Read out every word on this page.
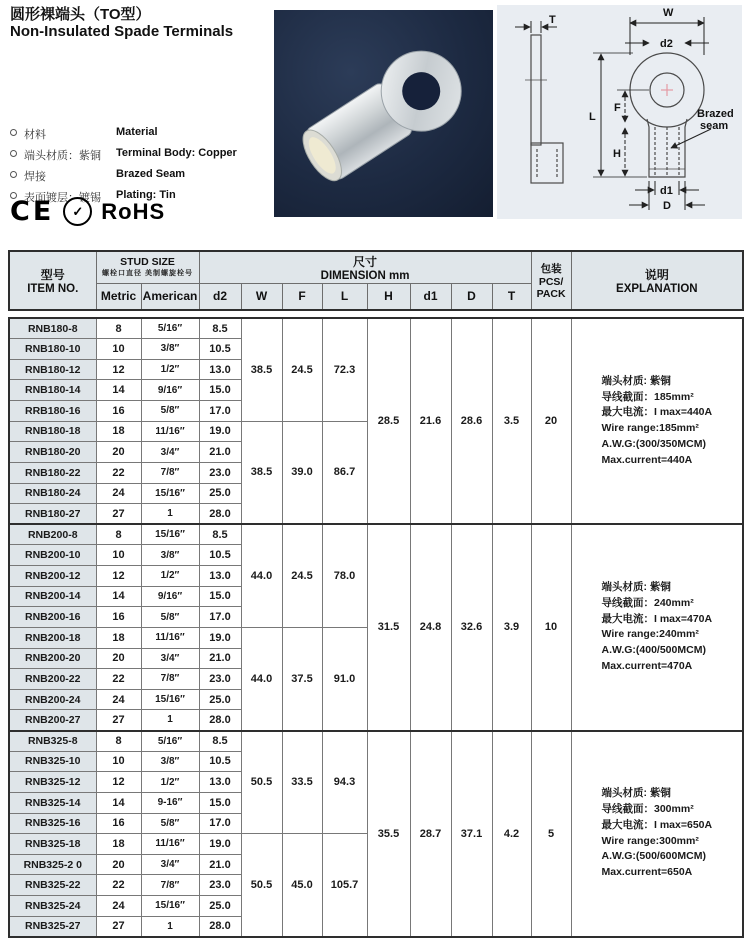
圆形裸端头（TO型）
Non-Insulated Spade Terminals
材料	Material
端头材质：紫铜	Terminal Body: Copper
焊接	Brazed Seam
表面镀层：镀锡	Plating: Tin
CE	✓ RoHS
T
W
d2
L
F
H
d1
D
Brazed
seam
型号
ITEM NO.

STUD SIZE
螺栓口直径 美制螺旋栓号

尺寸
DIMENSION mm

包装
PCS/
PACK

说明
EXPLANATION

	Metric	American	d2	W	F	L	H	d1	D	T		
RNB180-8	8	5/16″	8.5	38.5	24.5	72.3	28.5	21.6	28.6	3.5	20	
端头材质: 紫铜
导线截面：185mm²
最大电流：I max=440A
Wire range:185mm²
A.W.G:(300/350MCM)
Max.current=440A

RNB180-10	10	3/8″	10.5									
RNB180-12	12	1/2″	13.0									
RNB180-14	14	9/16″	15.0									
RRB180-16	16	5/8″	17.0									
RNB180-18	18	11/16″	19.0	38.5	39.0	86.7						
RNB180-20	20	3/4″	21.0									
RNB180-22	22	7/8″	23.0									
RNB180-24	24	15/16″	25.0									
RNB180-27	27	1	28.0									
RNB200-8	8	15/16″	8.5	44.0	24.5	78.0	31.5	24.8	32.6	3.9	10	
端头材质: 紫铜
导线截面：240mm²
最大电流：I max=470A
Wire range:240mm²
A.W.G:(400/500MCM)
Max.current=470A

RNB200-10	10	3/8″	10.5									
RNB200-12	12	1/2″	13.0									
RNB200-14	14	9/16″	15.0									
RNB200-16	16	5/8″	17.0									
RNB200-18	18	11/16″	19.0	44.0	37.5	91.0						
RNB200-20	20	3/4″	21.0									
RNB200-22	22	7/8″	23.0									
RNB200-24	24	15/16″	25.0									
RNB200-27	27	1	28.0									
RNB325-8	8	5/16″	8.5	50.5	33.5	94.3	35.5	28.7	37.1	4.2	5	
端头材质: 紫铜
导线截面：300mm²
最大电流：I max=650A
Wire range:300mm²
A.W.G:(500/600MCM)
Max.current=650A

RNB325-10	10	3/8″	10.5									
RNB325-12	12	1/2″	13.0									
RNB325-14	14	9-16″	15.0									
RNB325-16	16	5/8″	17.0									
RNB325-18	18	11/16″	19.0	50.5	45.0	105.7						
RNB325-2 0	20	3/4″	21.0									
RNB325-22	22	7/8″	23.0									
RNB325-24	24	15/16″	25.0									
RNB325-27	27	1	28.0									
